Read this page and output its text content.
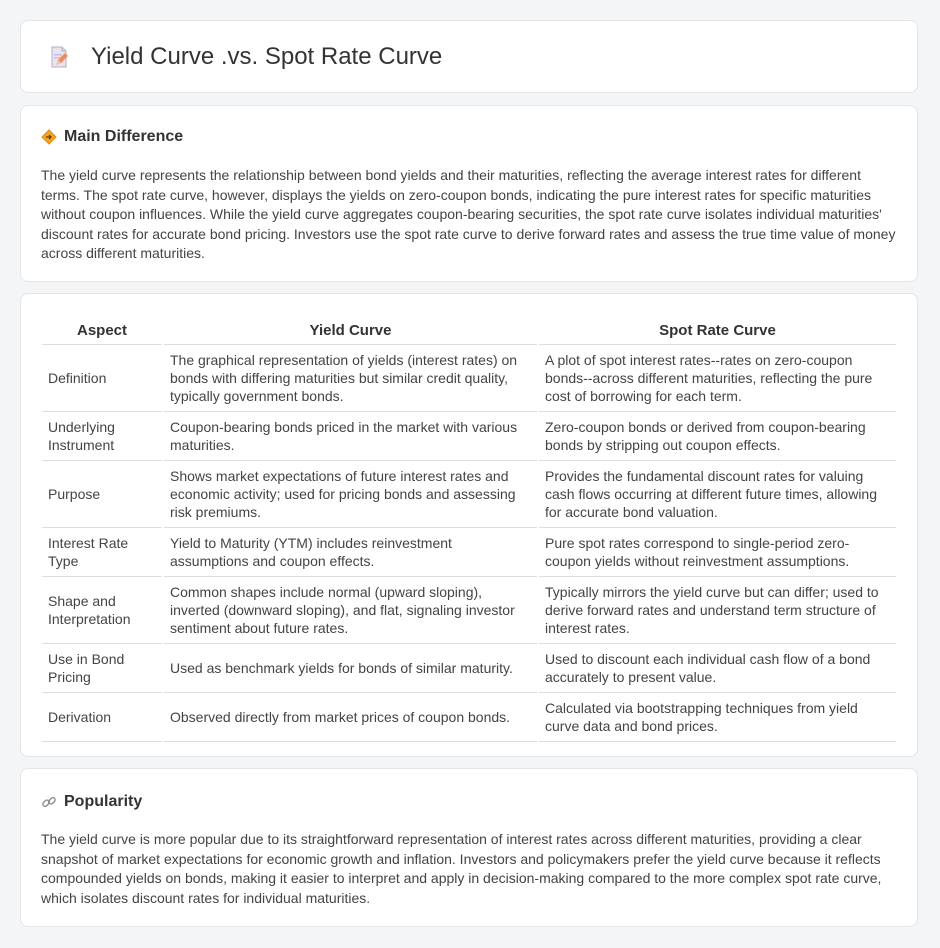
Yield Curve .vs. Spot Rate Curve
Main Difference
The yield curve represents the relationship between bond yields and their maturities, reflecting the average interest rates for different terms. The spot rate curve, however, displays the yields on zero-coupon bonds, indicating the pure interest rates for specific maturities without coupon influences. While the yield curve aggregates coupon-bearing securities, the spot rate curve isolates individual maturities' discount rates for accurate bond pricing. Investors use the spot rate curve to derive forward rates and assess the true time value of money across different maturities.
Aspect	Yield Curve	Spot Rate Curve
Definition	The graphical representation of yields (interest rates) on bonds with differing maturities but similar credit quality, typically government bonds.	A plot of spot interest rates--rates on zero-coupon bonds--across different maturities, reflecting the pure cost of borrowing for each term.
Underlying Instrument	Coupon-bearing bonds priced in the market with various maturities.	Zero-coupon bonds or derived from coupon-bearing bonds by stripping out coupon effects.
Purpose	Shows market expectations of future interest rates and economic activity; used for pricing bonds and assessing risk premiums.	Provides the fundamental discount rates for valuing cash flows occurring at different future times, allowing for accurate bond valuation.
Interest Rate Type	Yield to Maturity (YTM) includes reinvestment assumptions and coupon effects.	Pure spot rates correspond to single-period zero-coupon yields without reinvestment assumptions.
Shape and Interpretation	Common shapes include normal (upward sloping), inverted (downward sloping), and flat, signaling investor sentiment about future rates.	Typically mirrors the yield curve but can differ; used to derive forward rates and understand term structure of interest rates.
Use in Bond Pricing	Used as benchmark yields for bonds of similar maturity.	Used to discount each individual cash flow of a bond accurately to present value.
Derivation	Observed directly from market prices of coupon bonds.	Calculated via bootstrapping techniques from yield curve data and bond prices.
Popularity
The yield curve is more popular due to its straightforward representation of interest rates across different maturities, providing a clear snapshot of market expectations for economic growth and inflation. Investors and policymakers prefer the yield curve because it reflects compounded yields on bonds, making it easier to interpret and apply in decision-making compared to the more complex spot rate curve, which isolates discount rates for individual maturities.
